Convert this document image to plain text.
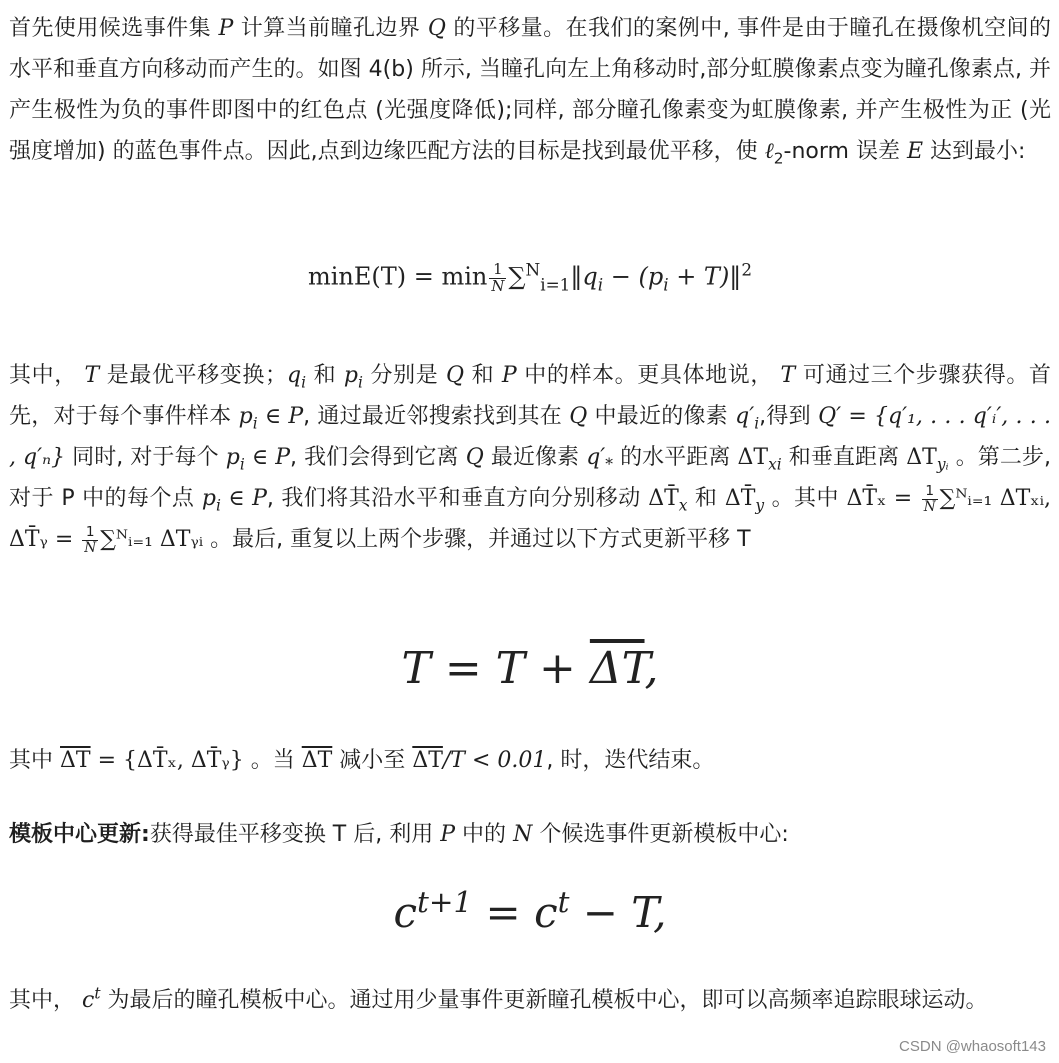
首先使用候选事件集 P 计算当前瞳孔边界 Q 的平移量。在我们的案例中, 事件是由于瞳孔在摄像机空间的水平和垂直方向移动而产生的。如图 4(b) 所示, 当瞳孔向左上角移动时,部分虹膜像素点变为瞳孔像素点, 并产生极性为负的事件即图中的红色点 (光强度降低);同样, 部分瞳孔像素变为虹膜像素, 并产生极性为正 (光强度增加) 的蓝色事件点。因此,点到边缘匹配方法的目标是找到最优平移，使 ℓ$_2$-norm 误差 E 达到最小:

$\min E(T) = \min \frac{1}{N}$ $\sum^N_{i=1}‖q_i - (p_i$ + T)‖$^2$

其中， T 是最优平移变换；$q_i$ 和 $p_i$ 分别是 Q 和 P 中的样本。更具体地说， T 可通过三个步骤获得。首先，对于每个事件样本 $p_i$ ∈ P, 通过最近邻搜索找到其在 Q 中最近的像素 $q'_i$,得到 Q′ = {q′₁, . . . q′ᵢ′, . . . , q′ₙ} 同时, 对于每个 $p_i$ ∈ P, 我们会得到它离 Q 最近像素 $q'_*$ 的水平距离 $\Delta T_{xi}$ 和垂直距离 $\Delta T_{yᵢ}$ 。第二步, 对于 P 中的每个点 $p_i$ ∈ P, 我们将其沿水平和垂直方向分别移动 $\Delta T̄_x$ 和 $\Delta T̄_y$ 。其中 ΔT̄ₓ = $\frac{1}{N}$ ∑ᴺᵢ₌₁ ΔTₓᵢ, ΔT̄ᵧ = $\frac{1}{N}$ ∑ᴺᵢ₌₁ ΔTᵧᵢ 。最后, 重复以上两个步骤，并通过以下方式更新平移 T

$T = T + \overline{\Delta T}$,

其中 $\overline{\Delta T}$ = {ΔT̄ₓ, ΔT̄ᵧ} 。当 $\overline{\Delta T}$ 减小至 $\overline{\Delta T}/T < 0.01$, 时，迭代结束。

模板中心更新:获得最佳平移变换 T 后, 利用 P 中的 N 个候选事件更新模板中心:

$c^{t+1} = c^t - T$,

其中， $c^t$ 为最后的瞳孔模板中心。通过用少量事件更新瞳孔模板中心，即可以高频率追踪眼球运动。

CSDN @whaosoft143
